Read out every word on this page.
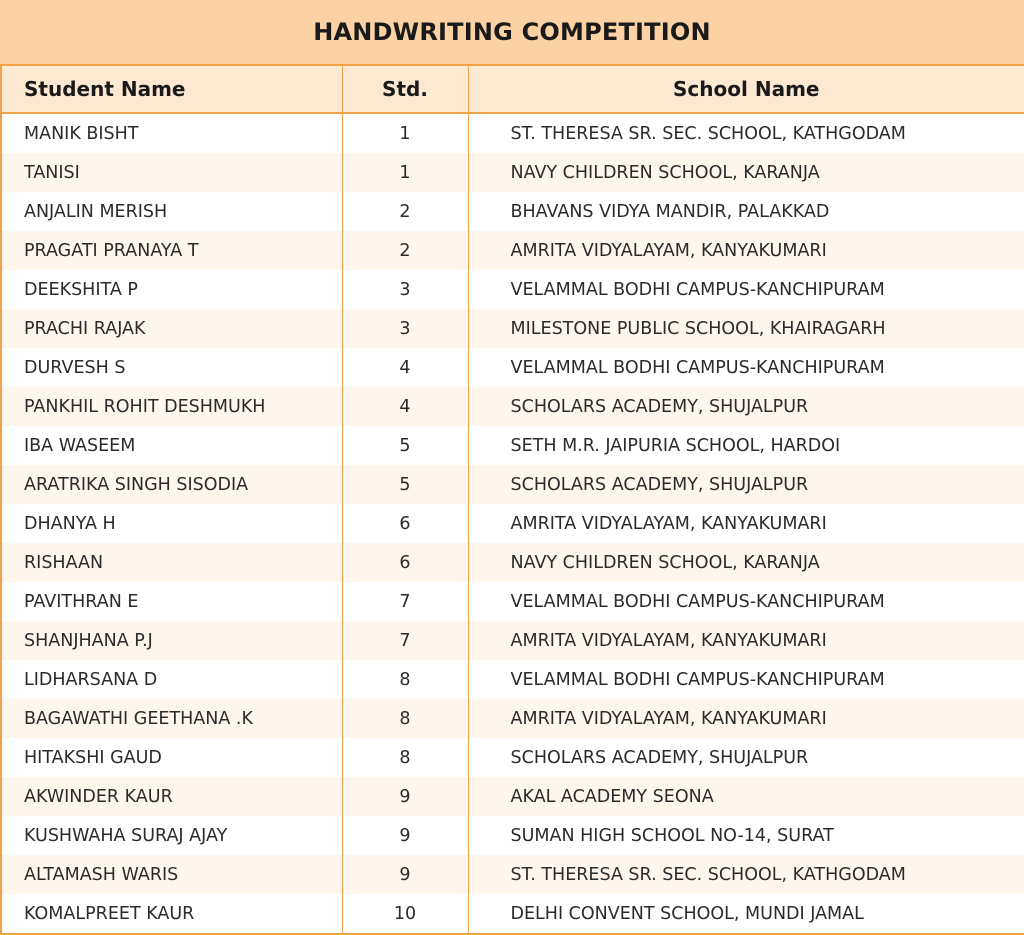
HANDWRITING COMPETITION
Student Name	Std.	School Name
MANIK BISHT	1	ST. THERESA SR. SEC. SCHOOL, KATHGODAM
TANISI	1	NAVY CHILDREN SCHOOL, KARANJA
ANJALIN MERISH	2	BHAVANS VIDYA MANDIR, PALAKKAD
PRAGATI PRANAYA T	2	AMRITA VIDYALAYAM, KANYAKUMARI
DEEKSHITA P	3	VELAMMAL BODHI CAMPUS-KANCHIPURAM
PRACHI RAJAK	3	MILESTONE PUBLIC SCHOOL, KHAIRAGARH
DURVESH S	4	VELAMMAL BODHI CAMPUS-KANCHIPURAM
PANKHIL ROHIT DESHMUKH	4	SCHOLARS ACADEMY, SHUJALPUR
IBA WASEEM	5	SETH M.R. JAIPURIA SCHOOL, HARDOI
ARATRIKA SINGH SISODIA	5	SCHOLARS ACADEMY, SHUJALPUR
DHANYA H	6	AMRITA VIDYALAYAM, KANYAKUMARI
RISHAAN	6	NAVY CHILDREN SCHOOL, KARANJA
PAVITHRAN E	7	VELAMMAL BODHI CAMPUS-KANCHIPURAM
SHANJHANA P.J	7	AMRITA VIDYALAYAM, KANYAKUMARI
LIDHARSANA D	8	VELAMMAL BODHI CAMPUS-KANCHIPURAM
BAGAWATHI GEETHANA .K	8	AMRITA VIDYALAYAM, KANYAKUMARI
HITAKSHI GAUD	8	SCHOLARS ACADEMY, SHUJALPUR
AKWINDER KAUR	9	AKAL ACADEMY SEONA
KUSHWAHA SURAJ AJAY	9	SUMAN HIGH SCHOOL NO-14, SURAT
ALTAMASH WARIS	9	ST. THERESA SR. SEC. SCHOOL, KATHGODAM
KOMALPREET KAUR	10	DELHI CONVENT SCHOOL, MUNDI JAMAL
